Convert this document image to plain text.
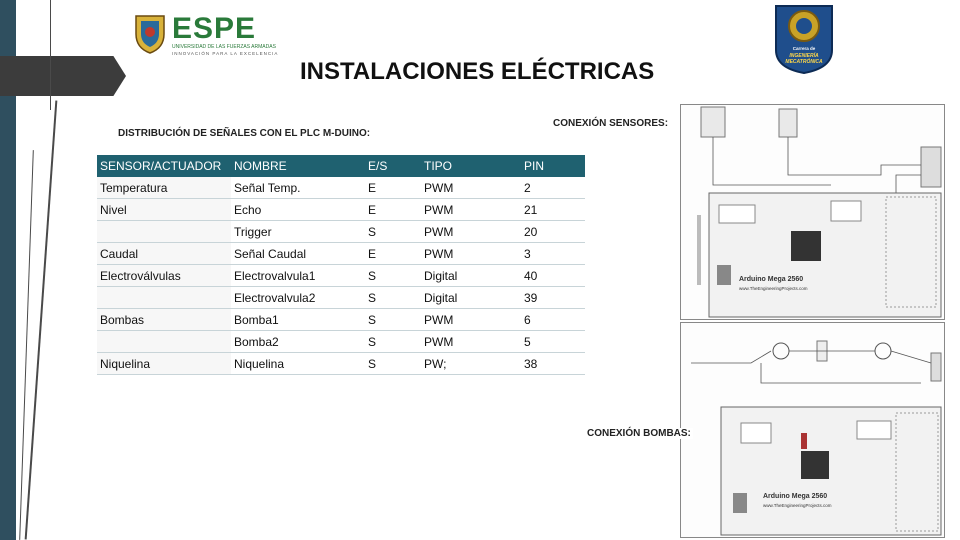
ESPE
UNIVERSIDAD DE LAS FUERZAS ARMADAS
INNOVACIÓN PARA LA EXCELENCIA
Carrera de
INGENIERÍA MECATRÓNICA
INSTALACIONES ELÉCTRICAS
DISTRIBUCIÓN DE SEÑALES CON EL PLC M-DUINO:
CONEXIÓN SENSORES:
SENSOR/ACTUADOR	NOMBRE	E/S	TIPO	PIN
Temperatura	Señal Temp.	E	PWM	2
Nivel	Echo	E	PWM	21
	Trigger	S	PWM	20
Caudal	Señal Caudal	E	PWM	3
Electroválvulas	Electrovalvula1	S	Digital	40
	Electrovalvula2	S	Digital	39
Bombas	Bomba1	S	PWM	6
	Bomba2	S	PWM	5
Niquelina	Niquelina	S	PW;	38
Arduino Mega 2560
www.TheEngineeringProjects.com
Arduino Mega 2560
www.TheEngineeringProjects.com
CONEXIÓN BOMBAS:
